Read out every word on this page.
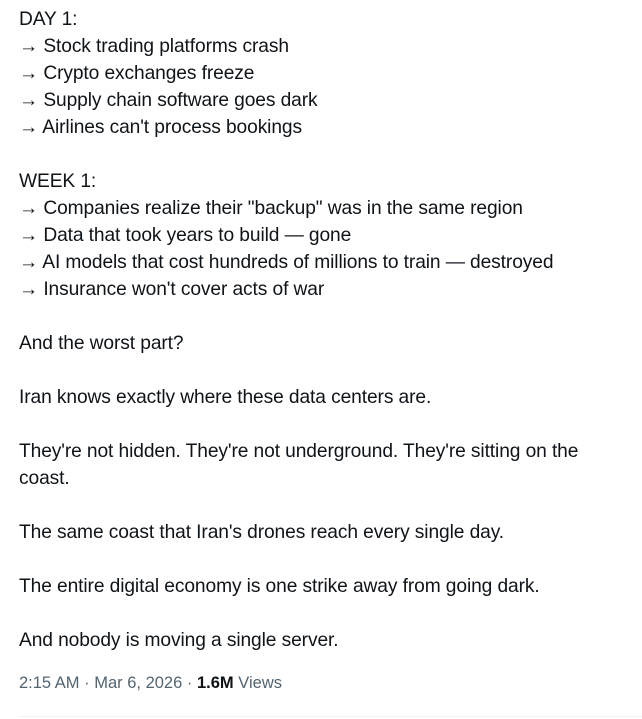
DAY 1:
→ Stock trading platforms crash
→ Crypto exchanges freeze
→ Supply chain software goes dark
→ Airlines can't process bookings
WEEK 1:
→ Companies realize their "backup" was in the same region
→ Data that took years to build — gone
→ AI models that cost hundreds of millions to train — destroyed
→ Insurance won't cover acts of war
And the worst part?
Iran knows exactly where these data centers are.
They're not hidden. They're not underground. They're sitting on the coast.
The same coast that Iran's drones reach every single day.
The entire digital economy is one strike away from going dark.
And nobody is moving a single server.
2:15 AM · Mar 6, 2026 · 1.6M Views
